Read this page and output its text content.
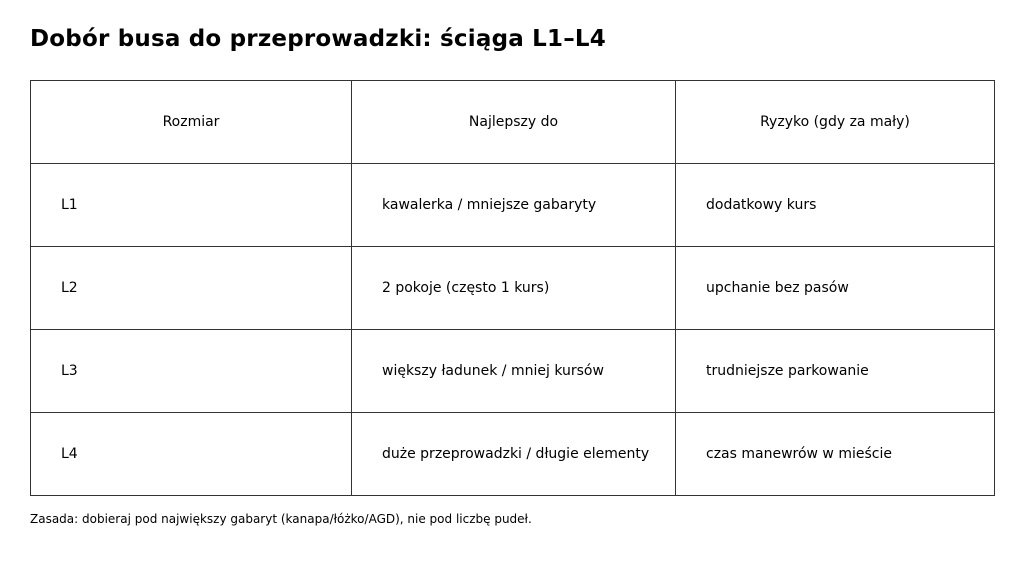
Dobór busa do przeprowadzki: ściąga L1–L4
Rozmiar	Najlepszy do	Ryzyko (gdy za mały)
L1	kawalerka / mniejsze gabaryty	dodatkowy kurs
L2	2 pokoje (często 1 kurs)	upchanie bez pasów
L3	większy ładunek / mniej kursów	trudniejsze parkowanie
L4	duże przeprowadzki / długie elementy	czas manewrów w mieście

Zasada: dobieraj pod największy gabaryt (kanapa/łóżko/AGD), nie pod liczbę pudeł.
